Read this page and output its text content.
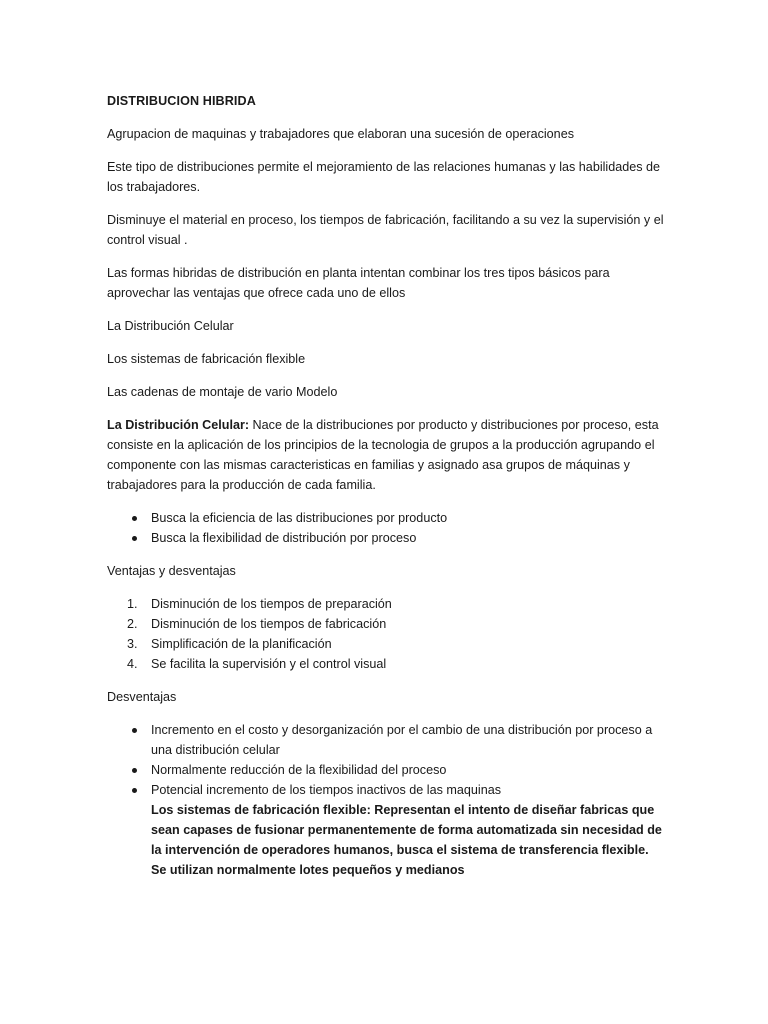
DISTRIBUCION HIBRIDA

Agrupacion de maquinas y trabajadores que elaboran una sucesión de operaciones

Este tipo de distribuciones permite el mejoramiento de las relaciones humanas y las habilidades de los trabajadores.

Disminuye el material en proceso, los tiempos de fabricación, facilitando a su vez la supervisión y el control visual .

Las formas hibridas de distribución en planta intentan combinar los tres tipos básicos para aprovechar las ventajas que ofrece cada uno de ellos

La Distribución Celular

Los sistemas de fabricación flexible

Las cadenas de montaje de vario Modelo

La Distribución Celular: Nace de la distribuciones por producto y distribuciones por proceso, esta consiste en la aplicación de los principios de la tecnologia de grupos a la producción agrupando el componente con las mismas caracteristicas en familias y asignado asa grupos de máquinas y trabajadores para la producción de cada familia.

Busca la eficiencia de las distribuciones por producto
Busca la flexibilidad de distribución por proceso

Ventajas y desventajas

1.	Disminución de los tiempos de preparación
2.	Disminución de los tiempos de fabricación
3.	Simplificación de la planificación
4.	Se facilita la supervisión y el control visual

Desventajas

Incremento en el costo y desorganización por el cambio de una distribución por proceso a una distribución celular
Normalmente reducción de la flexibilidad del proceso
Potencial incremento de los tiempos inactivos de las maquinas

Los sistemas de fabricación flexible: Representan el intento de diseñar fabricas que sean capases de fusionar permanentemente de forma automatizada sin necesidad de la intervención de operadores humanos, busca el sistema de transferencia flexible.

Se utilizan normalmente lotes pequeños y medianos
